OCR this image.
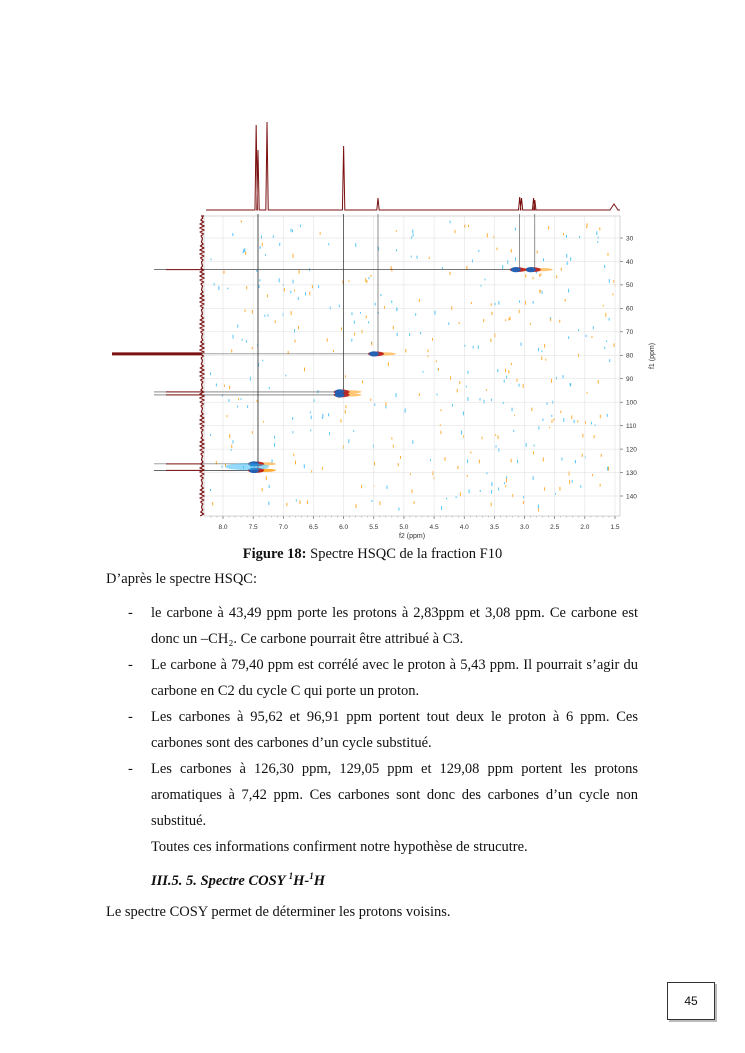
8.0	7.5	7.0	6.5	6.0	5.5	5.0	4.5	4.0	3.5	3.0	2.5	2.0	1.5
30
40
50
60
70
80
90
100
110
120
130
140
f2 (ppm)
f1 (ppm)
Figure 18: Spectre HSQC de la fraction F10
D’après le spectre HSQC:
- le carbone à 43,49 ppm porte les protons à 2,83ppm et 3,08 ppm. Ce carbone est donc un –CH₂. Ce carbone pourrait être attribué à C3.
- Le carbone à 79,40 ppm est corrélé avec le proton à 5,43 ppm. Il pourrait s’agir du carbone en C2 du cycle C qui porte un proton.
- Les carbones à 95,62 et 96,91 ppm portent tout deux le proton à 6 ppm. Ces carbones sont des carbones d’un cycle substitué.
- Les carbones à 126,30 ppm, 129,05 ppm et 129,08 ppm portent les protons aromatiques à 7,42 ppm. Ces carbones sont donc des carbones d’un cycle non substitué.
Toutes ces informations confirment notre hypothèse de strucutre.
III.5. 5. Spectre COSY $^1$H-$^1$H
Le spectre COSY permet de déterminer les protons voisins.
45
